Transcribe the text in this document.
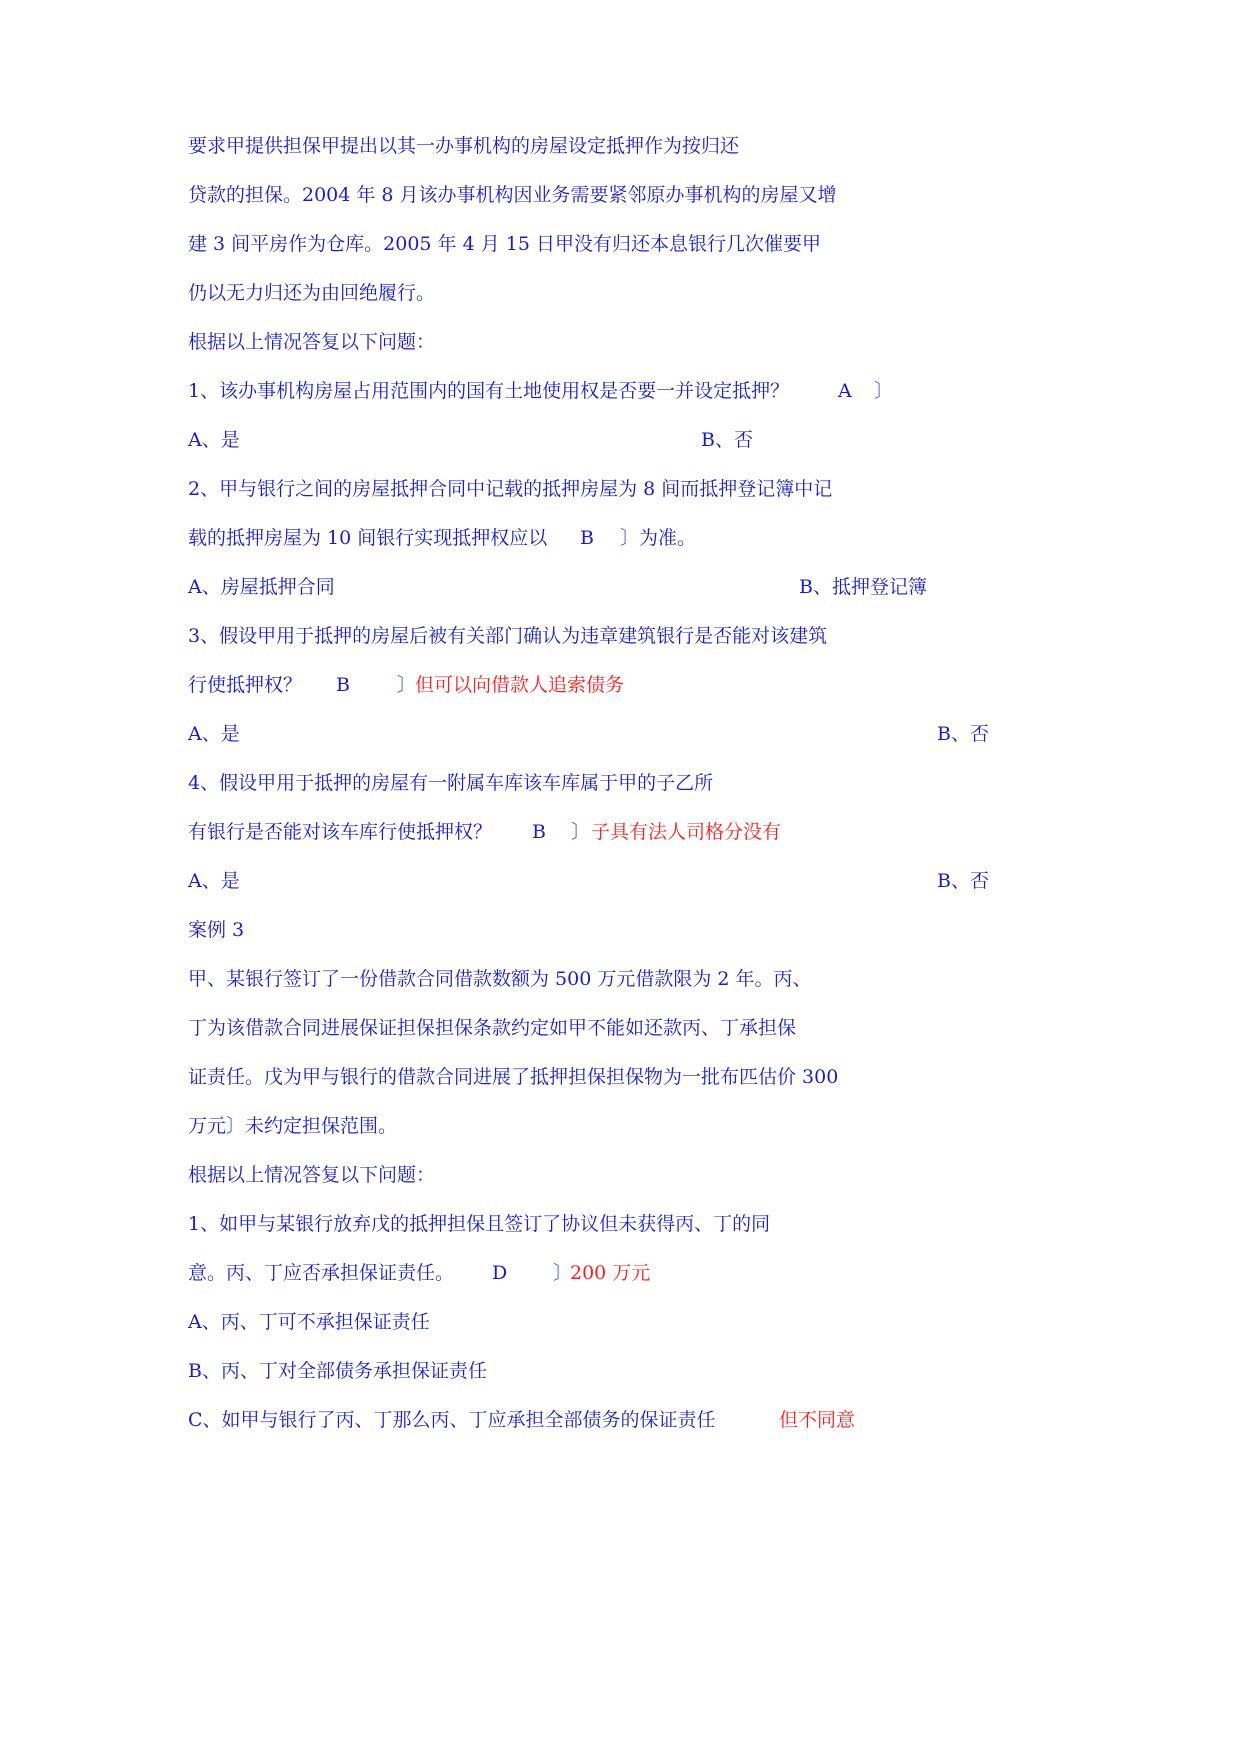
要求甲提供担保甲提出以其一办事机构的房屋设定抵押作为按归还
贷款的担保。2004 年 8 月该办事机构因业务需要紧邻原办事机构的房屋又增
建 3 间平房作为仓库。2005 年 4 月 15 日甲没有归还本息银行几次催要甲
仍以无力归还为由回绝履行。
根据以上情况答复以下问题：
1、该办事机构房屋占用范围内的国有土地使用权是否要一并设定抵押？	A 〕
A、是	B、否
2、甲与银行之间的房屋抵押合同中记载的抵押房屋为 8 间而抵押登记簿中记
载的抵押房屋为 10 间银行实现抵押权应以 B 〕为准。
A、房屋抵押合同	B、抵押登记簿
3、假设甲用于抵押的房屋后被有关部门确认为违章建筑银行是否能对该建筑
行使抵押权？ B 〕
但可以向借款人追索债务
A、是	B、否
4、假设甲用于抵押的房屋有一附属车库该车库属于甲的子乙所
有银行是否能对该车库行使抵押权？ B 〕 子具有法人司格分没有
A、是	B、否
案例 3
甲、某银行签订了一份借款合同借款数额为 500 万元借款限为 2 年。丙、
丁为该借款合同进展保证担保担保条款约定如甲不能如还款丙、丁承担保
证责任。戊为甲与银行的借款合同进展了抵押担保担保物为一批布匹估价 300
万元〕未约定担保范围。
根据以上情况答复以下问题：
1、如甲与某银行放弃戊的抵押担保且签订了协议但未获得丙、丁的同
意。丙、丁应否承担保证责任。 D 〕
200 万元
A、丙、丁可不承担保证责任
B、丙、丁对全部债务承担保证责任
C、如甲与银行了丙、丁那么丙、丁应承担全部债务的保证责任	但不同意
